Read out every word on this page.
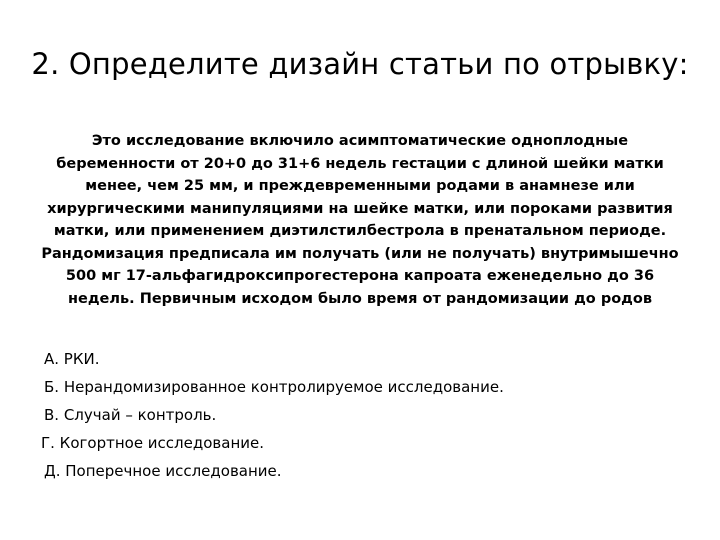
2. Определите дизайн статьи по отрывку:

Это исследование включило асимптоматические одноплодные беременности от 20+0 до 31+6 недель гестации с длиной шейки матки менее, чем 25 мм, и преждевременными родами в анамнезе или хирургическими манипуляциями на шейке матки, или пороками развития матки, или применением диэтилстилбестрола в пренатальном периоде. Рандомизация предписала им получать (или не получать) внутримышечно 500 мг 17-альфагидроксипрогестерона капроата еженедельно до 36 недель. Первичным исходом было время от рандомизации до родов

А. РКИ.
Б. Нерандомизированное контролируемое исследование.
В. Случай – контроль.
Г. Когортное исследование.
Д. Поперечное исследование.
